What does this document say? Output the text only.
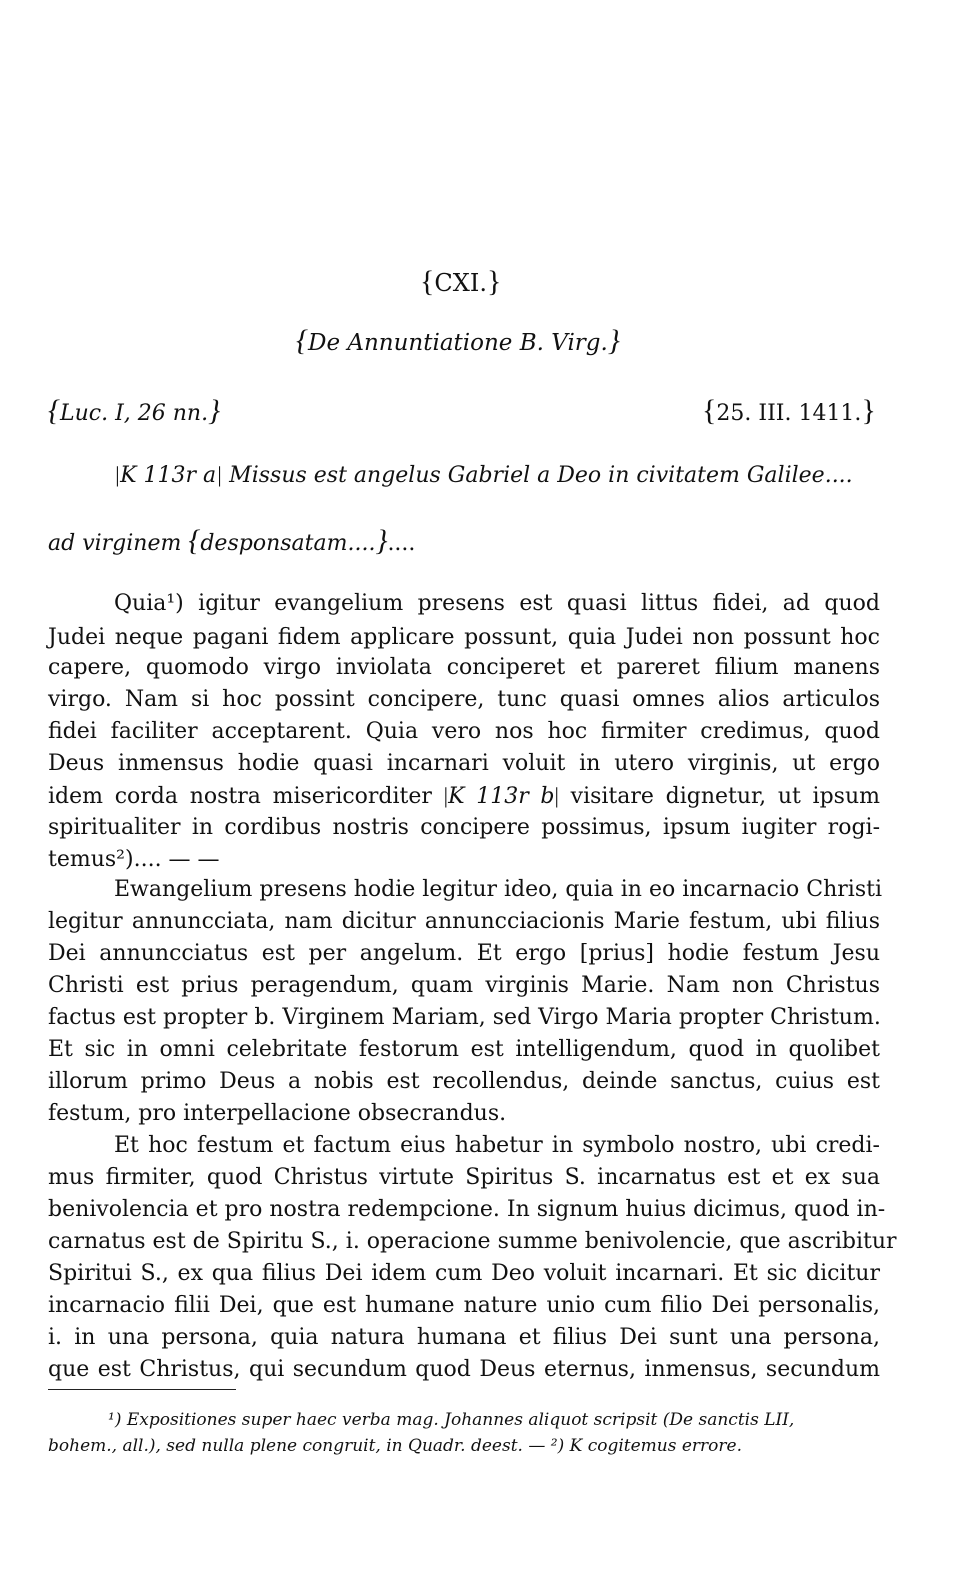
{CXI.}
{De Annuntiatione B. Virg.}
{Luc. I, 26 nn.}	{25. III. 1411.}
|K 113r a| Missus est angelus Gabriel a Deo in civitatem Galilee....
ad virginem {desponsatam....}....
Quia¹) igitur evangelium presens est quasi littus fidei, ad quod
Judei neque pagani fidem applicare possunt, quia Judei non possunt hoc
capere, quomodo virgo inviolata conciperet et pareret filium manens
virgo. Nam si hoc possint concipere, tunc quasi omnes alios articulos
fidei faciliter acceptarent. Quia vero nos hoc firmiter credimus, quod
Deus inmensus hodie quasi incarnari voluit in utero virginis, ut ergo
idem corda nostra misericorditer |K 113r b| visitare dignetur, ut ipsum
spiritualiter in cordibus nostris concipere possimus, ipsum iugiter rogi-
temus²).... — —
Ewangelium presens hodie legitur ideo, quia in eo incarnacio Christi
legitur annuncciata, nam dicitur annuncciacionis Marie festum, ubi filius
Dei annuncciatus est per angelum. Et ergo [prius] hodie festum Jesu
Christi est prius peragendum, quam virginis Marie. Nam non Christus
factus est propter b. Virginem Mariam, sed Virgo Maria propter Christum.
Et sic in omni celebritate festorum est intelligendum, quod in quolibet
illorum primo Deus a nobis est recollendus, deinde sanctus, cuius est
festum, pro interpellacione obsecrandus.
Et hoc festum et factum eius habetur in symbolo nostro, ubi credi-
mus firmiter, quod Christus virtute Spiritus S. incarnatus est et ex sua
benivolencia et pro nostra redempcione. In signum huius dicimus, quod in-
carnatus est de Spiritu S., i. operacione summe benivolencie, que ascribitur
Spiritui S., ex qua filius Dei idem cum Deo voluit incarnari. Et sic dicitur
incarnacio filii Dei, que est humane nature unio cum filio Dei personalis,
i. in una persona, quia natura humana et filius Dei sunt una persona,
que est Christus, qui secundum quod Deus eternus, inmensus, secundum
¹) Expositiones super haec verba mag. Johannes aliquot scripsit (De sanctis LII,
bohem., all.), sed nulla plene congruit, in Quadr. deest. — ²) K cogitemus errore.
